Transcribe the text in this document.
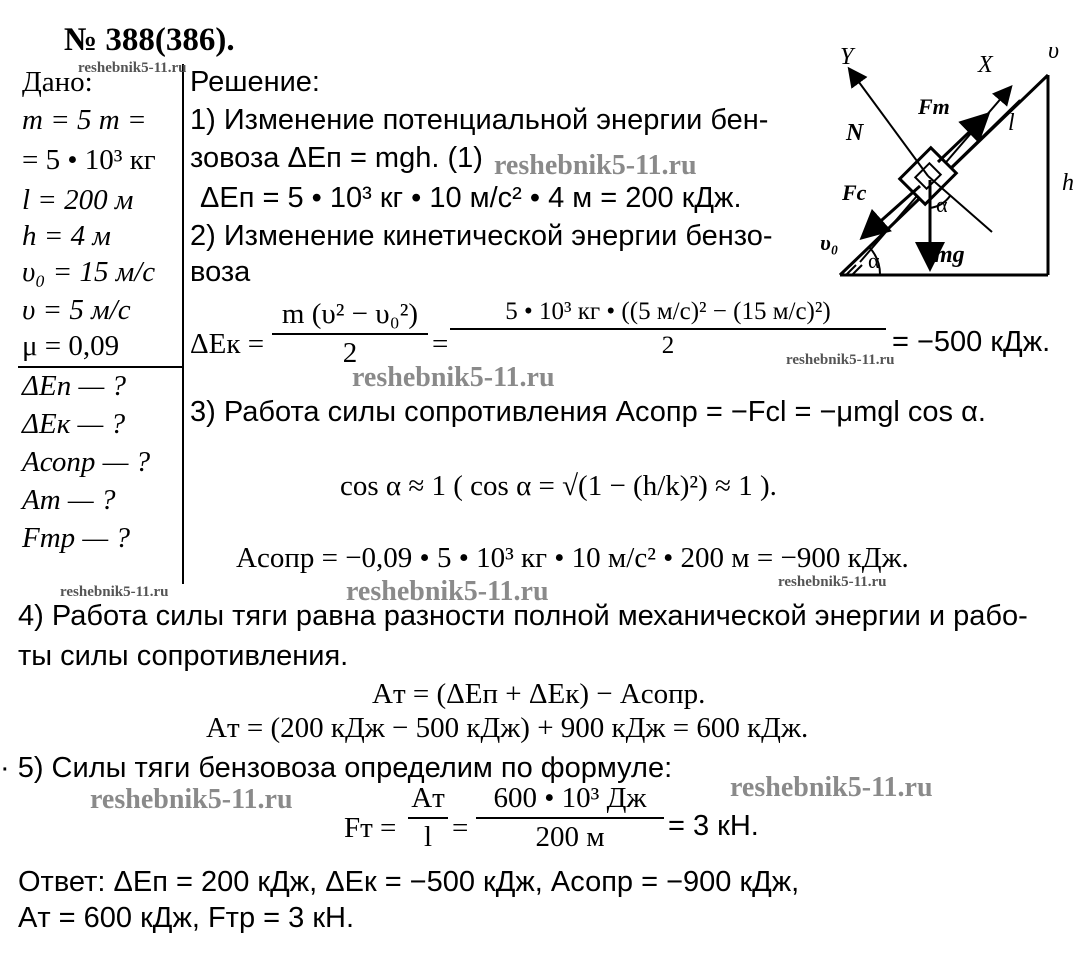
№ 388(386).
Дано:
m = 5 т =
= 5 • 10³ кг
l = 200 м
h = 4 м
υ₀ = 15 м/с
υ = 5 м/с
μ = 0,09
ΔEп — ?
ΔEк — ?
Aсопр — ?
Aт — ?
Fтр — ?
Решение:
1) Изменение потенциальной энергии бен-
зовоза ΔEп = mgh. (1)
ΔEп = 5 • 10³ кг • 10 м/с² • 4 м = 200 кДж.
2) Изменение кинетической энергии бензо-
воза
ΔEк =
m (υ² − υ₀²)
2	=
5 • 10³ кг • ((5 м/с)² − (15 м/с)²)
2	= −500 кДж.
3) Работа силы сопротивления Aсопр = −Fсl = −μmgl cos α.
cos α ≈ 1 ( cos α = √(1 − (h/k)²) ≈ 1 ).
Aсопр = −0,09 • 5 • 10³ кг • 10 м/с² • 200 м = −900 кДж.
4) Работа силы тяги равна разности полной механической энергии и рабо-
ты силы сопротивления.
Aт = (ΔEп + ΔEк) − Aсопр.
Aт = (200 кДж − 500 кДж) + 900 кДж = 600 кДж.
· 5) Силы тяги бензовоза определим по формуле:
Fт =
Aт
l =
600 • 10³ Дж
200 м	= 3 кН.
Ответ: ΔEп = 200 кДж, ΔEк = −500 кДж, Aсопр = −900 кДж,
Aт = 600 кДж, Fтр = 3 кН.
reshebnik5-11.ru
reshebnik5-11.ru
reshebnik5-11.ru
reshebnik5-11.ru
reshebnik5-11.ru	reshebnik5-11.ru	reshebnik5-11.ru
reshebnik5-11.ru
reshebnik5-11.ru
Y	X
υ
N
Fт
l
h
Fс	α
υ₀
α mg
